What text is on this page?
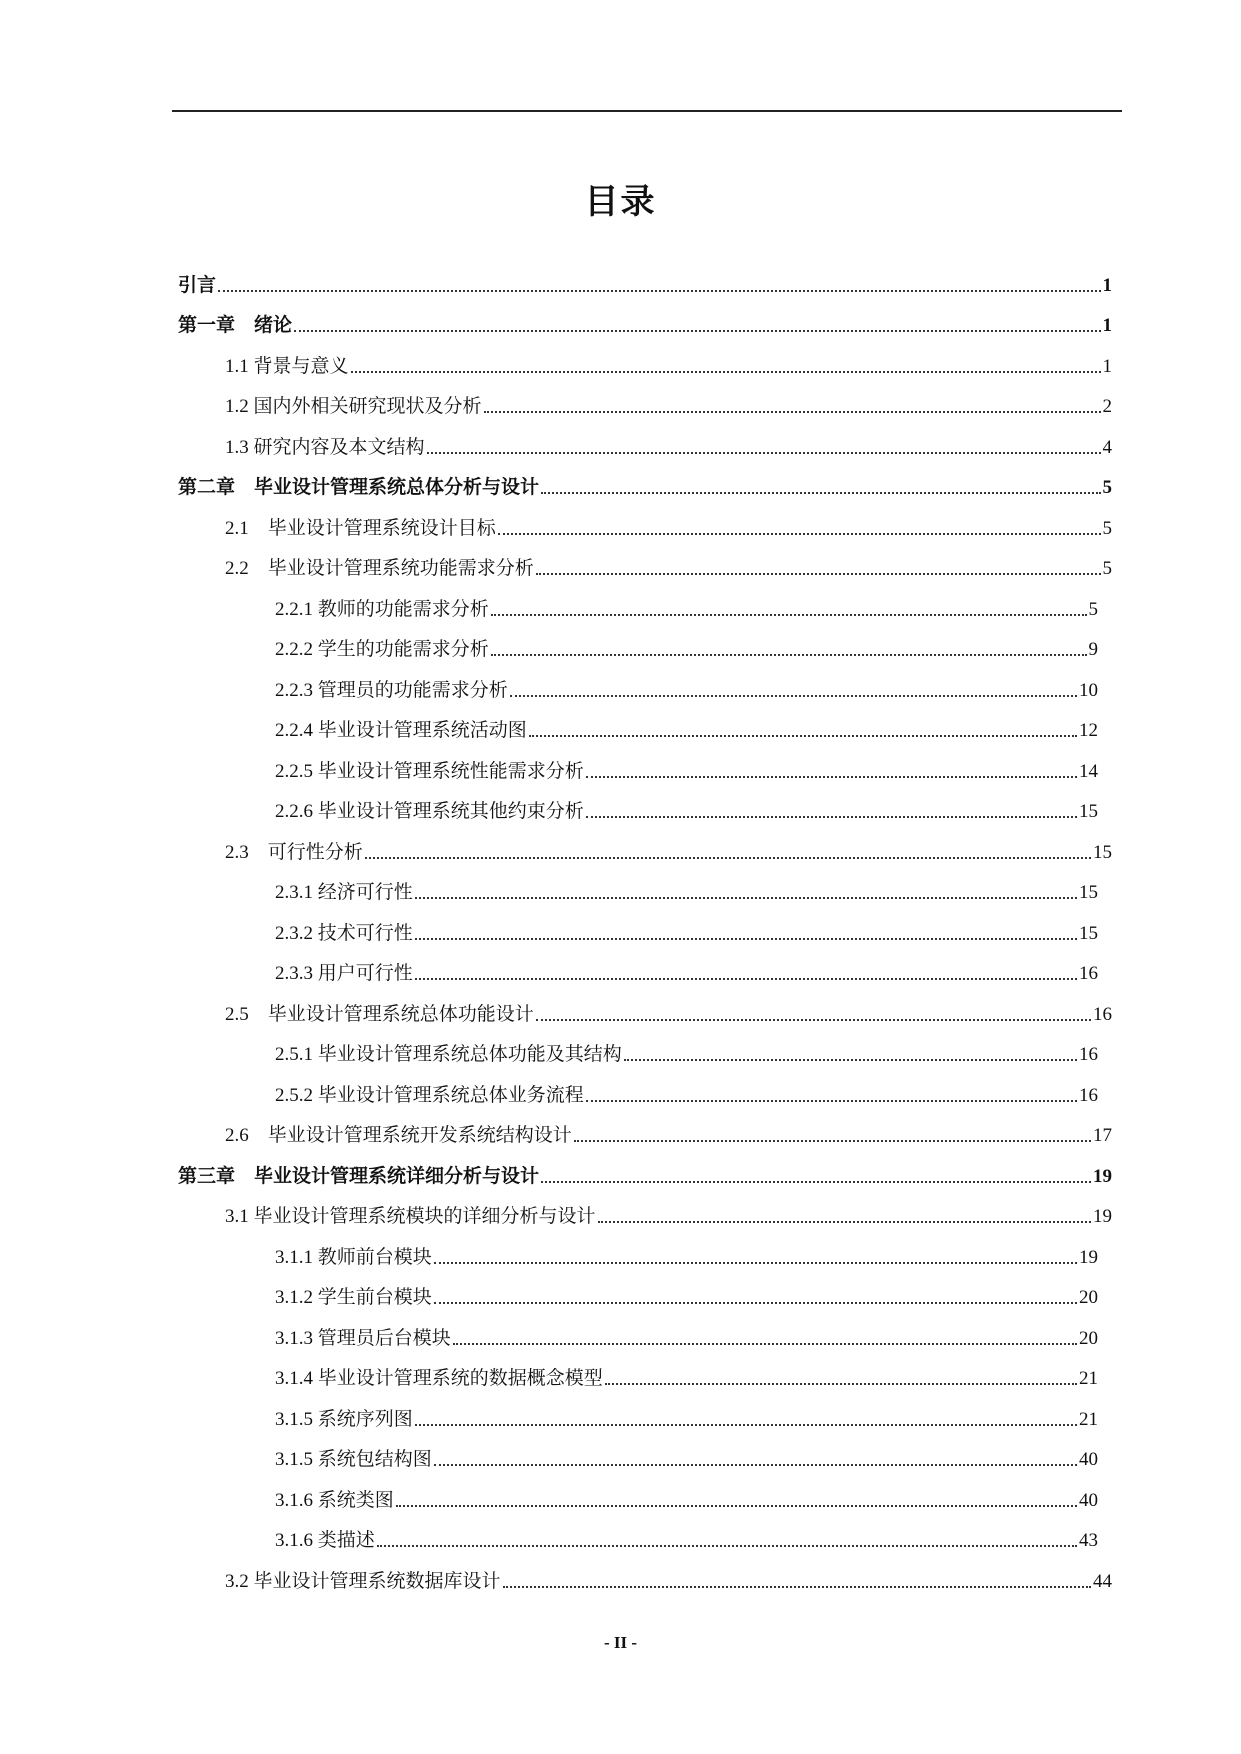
目录
引言	1
第一章　绪论	1
1.1 背景与意义	1
1.2 国内外相关研究现状及分析	2
1.3 研究内容及本文结构	4
第二章　毕业设计管理系统总体分析与设计	5
2.1　毕业设计管理系统设计目标	5
2.2　毕业设计管理系统功能需求分析	5
2.2.1 教师的功能需求分析	5
2.2.2 学生的功能需求分析	9
2.2.3 管理员的功能需求分析	10
2.2.4 毕业设计管理系统活动图	12
2.2.5 毕业设计管理系统性能需求分析	14
2.2.6 毕业设计管理系统其他约束分析	15
2.3　可行性分析	15
2.3.1 经济可行性	15
2.3.2 技术可行性	15
2.3.3 用户可行性	16
2.5　毕业设计管理系统总体功能设计	16
2.5.1 毕业设计管理系统总体功能及其结构	16
2.5.2 毕业设计管理系统总体业务流程	16
2.6　毕业设计管理系统开发系统结构设计	17
第三章　毕业设计管理系统详细分析与设计	19
3.1 毕业设计管理系统模块的详细分析与设计	19
3.1.1 教师前台模块	19
3.1.2 学生前台模块	20
3.1.3 管理员后台模块	20
3.1.4 毕业设计管理系统的数据概念模型	21
3.1.5 系统序列图	21
3.1.5 系统包结构图	40
3.1.6 系统类图	40
3.1.6 类描述	43
3.2 毕业设计管理系统数据库设计	44

- II -
